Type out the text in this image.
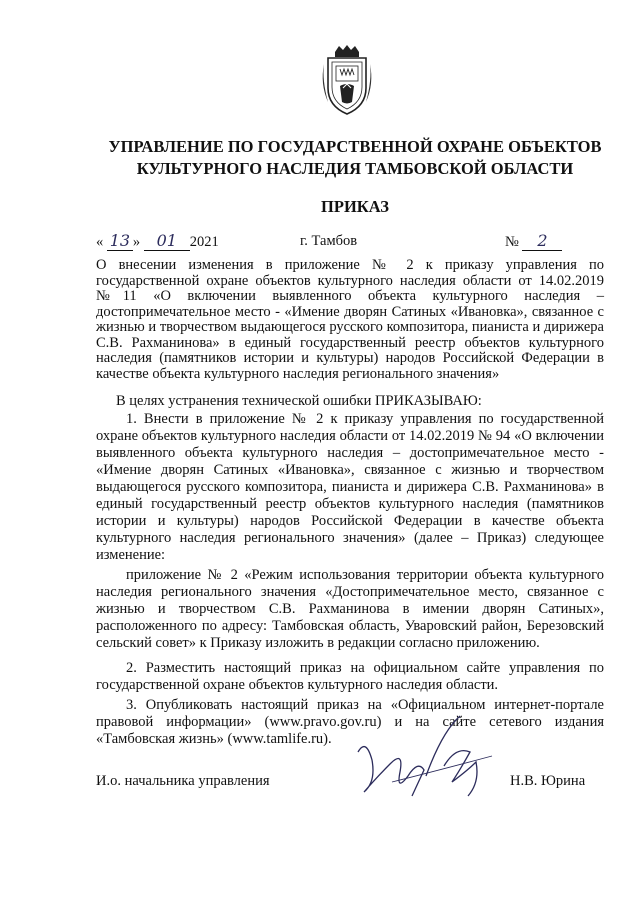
УПРАВЛЕНИЕ ПО ГОСУДАРСТВЕННОЙ ОХРАНЕ ОБЪЕКТОВ
КУЛЬТУРНОГО НАСЛЕДИЯ ТАМБОВСКОЙ ОБЛАСТИ
ПРИКАЗ
« 13 » 01 2021	г. Тамбов	№ 2
О внесении изменения в приложение № 2 к приказу управления по государственной охране объектов культурного наследия области от 14.02.2019 №11 «О включении выявленного объекта культурного наследия – достопримечательное место - «Имение дворян Сатиных «Ивановка», связанное с жизнью и творчеством выдающегося русского композитора, пианиста и дирижера С.В. Рахманинова» в единый государственный реестр объектов культурного наследия (памятников истории и культуры) народов Российской Федерации в качестве объекта культурного наследия регионального значения»

В целях устранения технической ошибки ПРИКАЗЫВАЮ:

1. Внести в приложение № 2 к приказу управления по государственной охране объектов культурного наследия области от 14.02.2019 № 94 «О включении выявленного объекта культурного наследия – достопримечательное место - «Имение дворян Сатиных «Ивановка», связанное с жизнью и творчеством выдающегося русского композитора, пианиста и дирижера С.В. Рахманинова» в единый государственный реестр объектов культурного наследия (памятников истории и культуры) народов Российской Федерации в качестве объекта культурного наследия регионального значения» (далее – Приказ) следующее изменение:

приложение № 2 «Режим использования территории объекта культурного наследия регионального значения «Достопримечательное место, связанное с жизнью и творчеством С.В. Рахманинова в имении дворян Сатиных», расположенного по адресу: Тамбовская область, Уваровский район, Березовский сельский совет» к Приказу изложить в редакции согласно приложению.

2. Разместить настоящий приказ на официальном сайте управления по государственной охране объектов культурного наследия области.

3. Опубликовать настоящий приказ на «Официальном интернет-портале правовой информации» (www.pravo.gov.ru) и на сайте сетевого издания «Тамбовская жизнь» (www.tamlife.ru).

И.о. начальника управления	Н.В. Юрина
